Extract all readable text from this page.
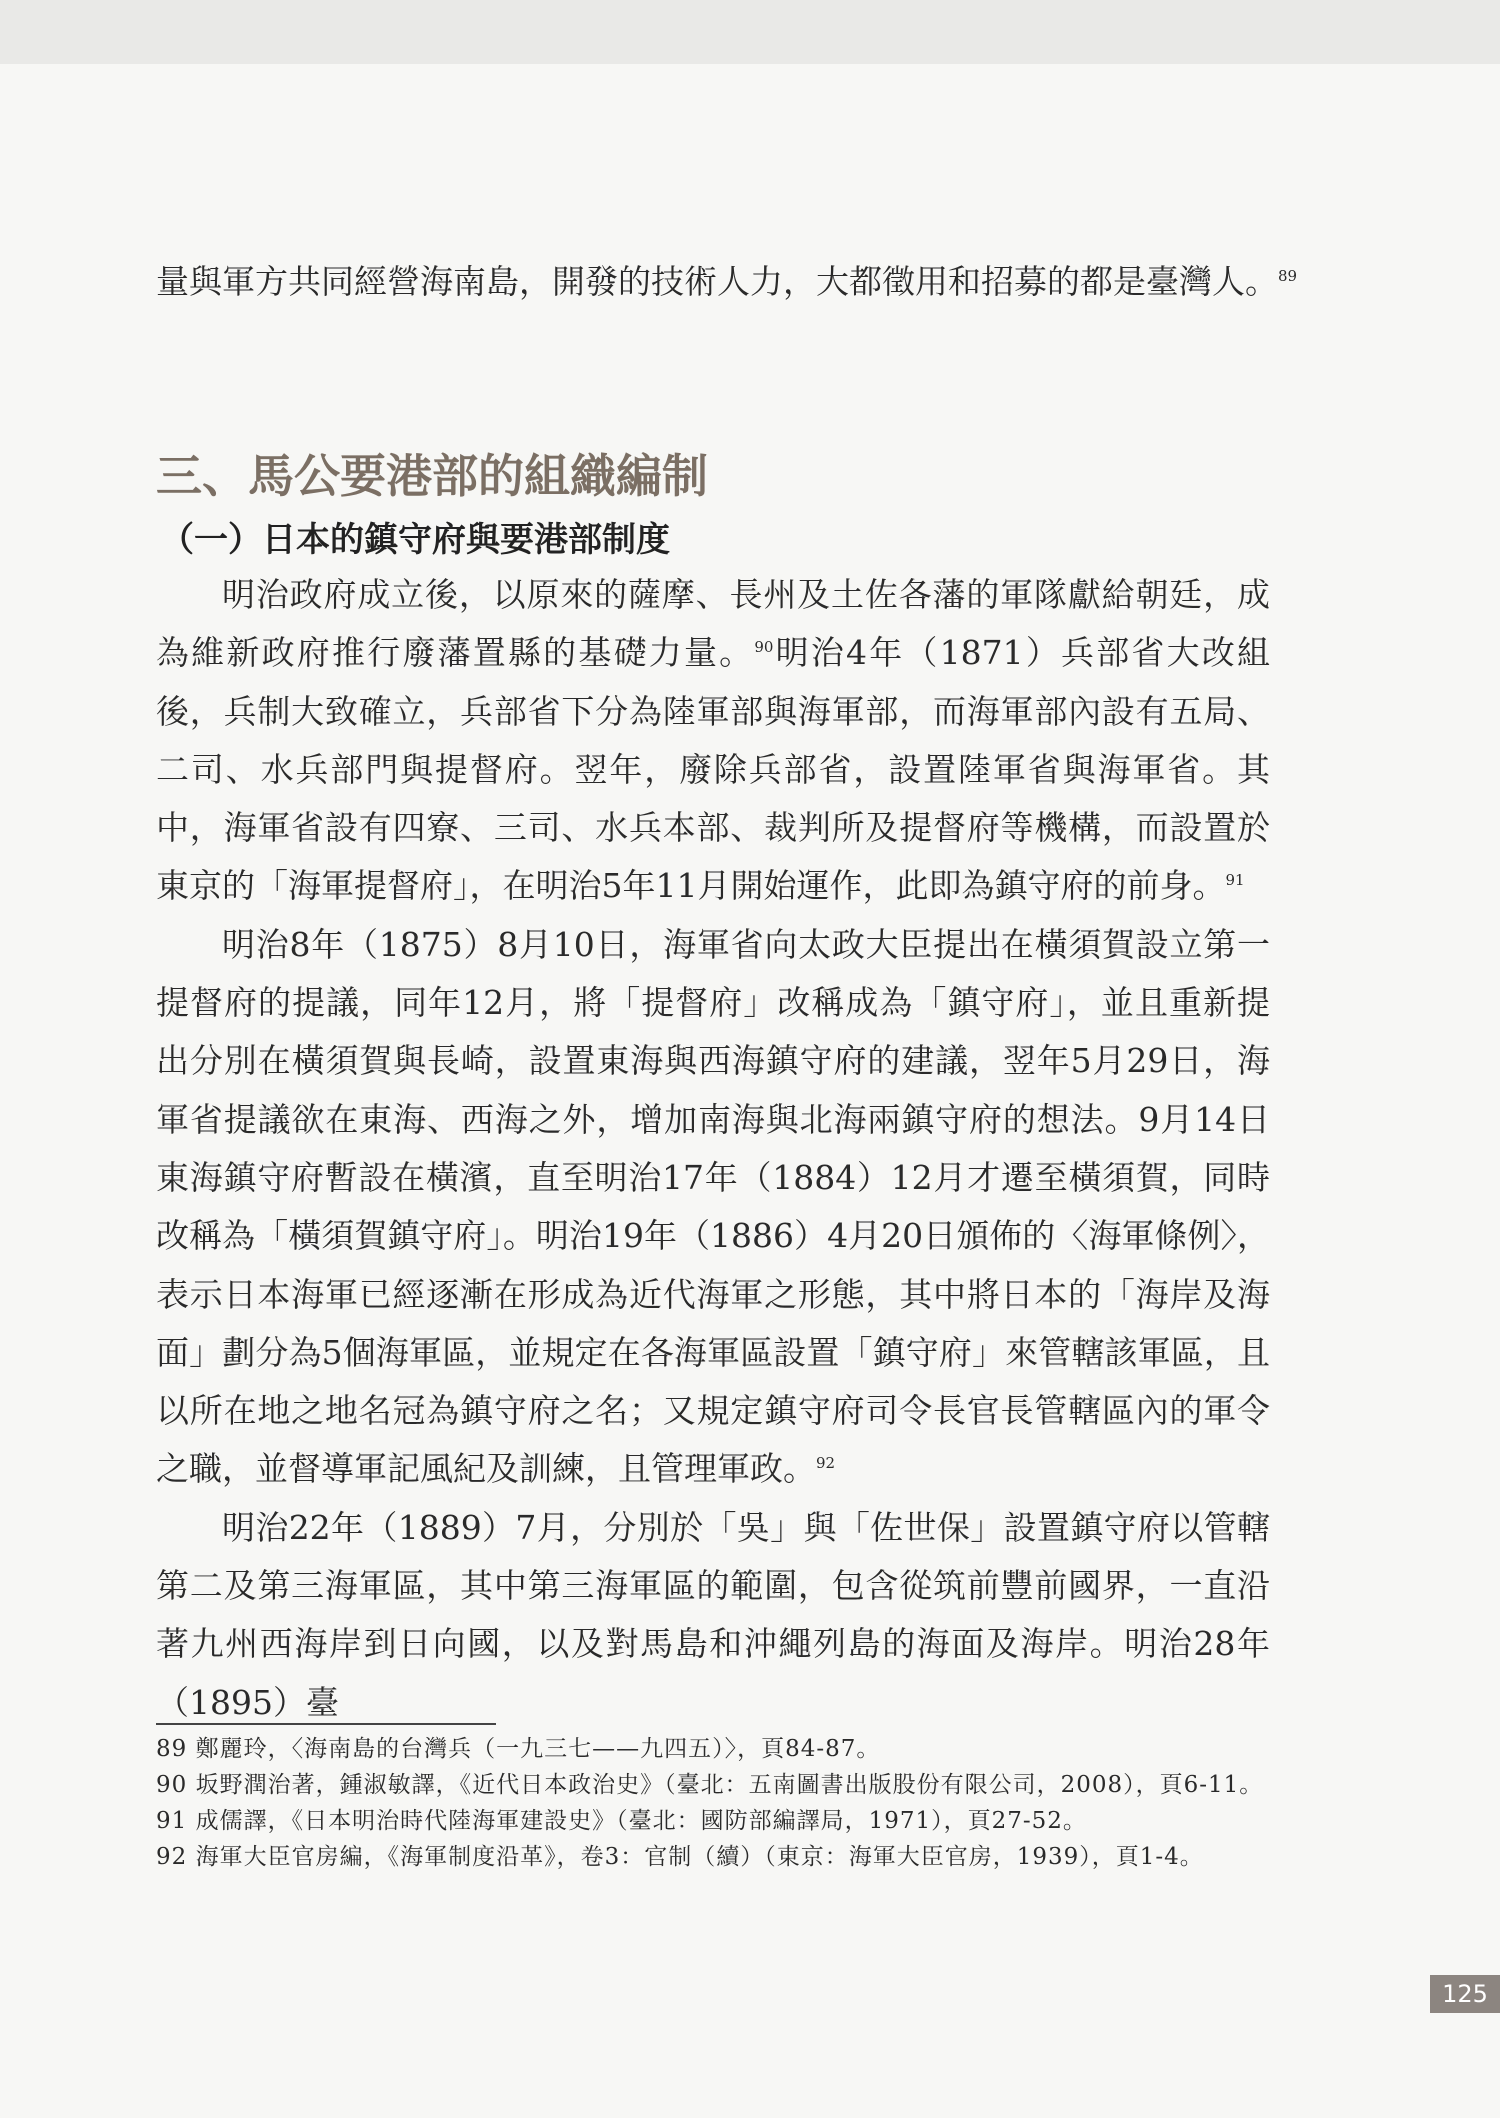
量與軍方共同經營海南島，開發的技術人力，大都徵用和招募的都是臺灣人。$^{89}$
三、馬公要港部的組織編制
（一）日本的鎮守府與要港部制度

明治政府成立後，以原來的薩摩、長州及土佐各藩的軍隊獻給朝廷，成為維新政府推行廢藩置縣的基礎力量。$^{90}$明治4年（1871）兵部省大改組後，兵制大致確立，兵部省下分為陸軍部與海軍部，而海軍部內設有五局、二司、水兵部門與提督府。翌年，廢除兵部省，設置陸軍省與海軍省。其中，海軍省設有四寮、三司、水兵本部、裁判所及提督府等機構，而設置於東京的「海軍提督府」，在明治5年11月開始運作，此即為鎮守府的前身。$^{91}$

明治8年（1875）8月10日，海軍省向太政大臣提出在橫須賀設立第一提督府的提議，同年12月，將「提督府」改稱成為「鎮守府」，並且重新提出分別在橫須賀與長崎，設置東海與西海鎮守府的建議，翌年5月29日，海軍省提議欲在東海、西海之外，增加南海與北海兩鎮守府的想法。9月14日東海鎮守府暫設在橫濱，直至明治17年（1884）12月才遷至橫須賀，同時改稱為「橫須賀鎮守府」。明治19年（1886）4月20日頒佈的〈海軍條例〉，表示日本海軍已經逐漸在形成為近代海軍之形態，其中將日本的「海岸及海面」劃分為5個海軍區，並規定在各海軍區設置「鎮守府」來管轄該軍區，且以所在地之地名冠為鎮守府之名；又規定鎮守府司令長官長管轄區內的軍令之職，並督導軍記風紀及訓練，且管理軍政。$^{92}$

明治22年（1889）7月，分別於「吳」與「佐世保」設置鎮守府以管轄第二及第三海軍區，其中第三海軍區的範圍，包含從筑前豐前國界，一直沿著九州西海岸到日向國，以及對馬島和沖繩列島的海面及海岸。明治28年（1895）臺

89 鄭麗玲，〈海南島的台灣兵（一九三七——九四五）〉，頁84-87。

90 坂野潤治著，鍾淑敏譯，《近代日本政治史》（臺北：五南圖書出版股份有限公司，2008），頁6-11。

91 成儒譯，《日本明治時代陸海軍建設史》（臺北：國防部編譯局，1971），頁27-52。

92 海軍大臣官房編，《海軍制度沿革》，卷3：官制（續）（東京：海軍大臣官房，1939），頁1-4。

125
